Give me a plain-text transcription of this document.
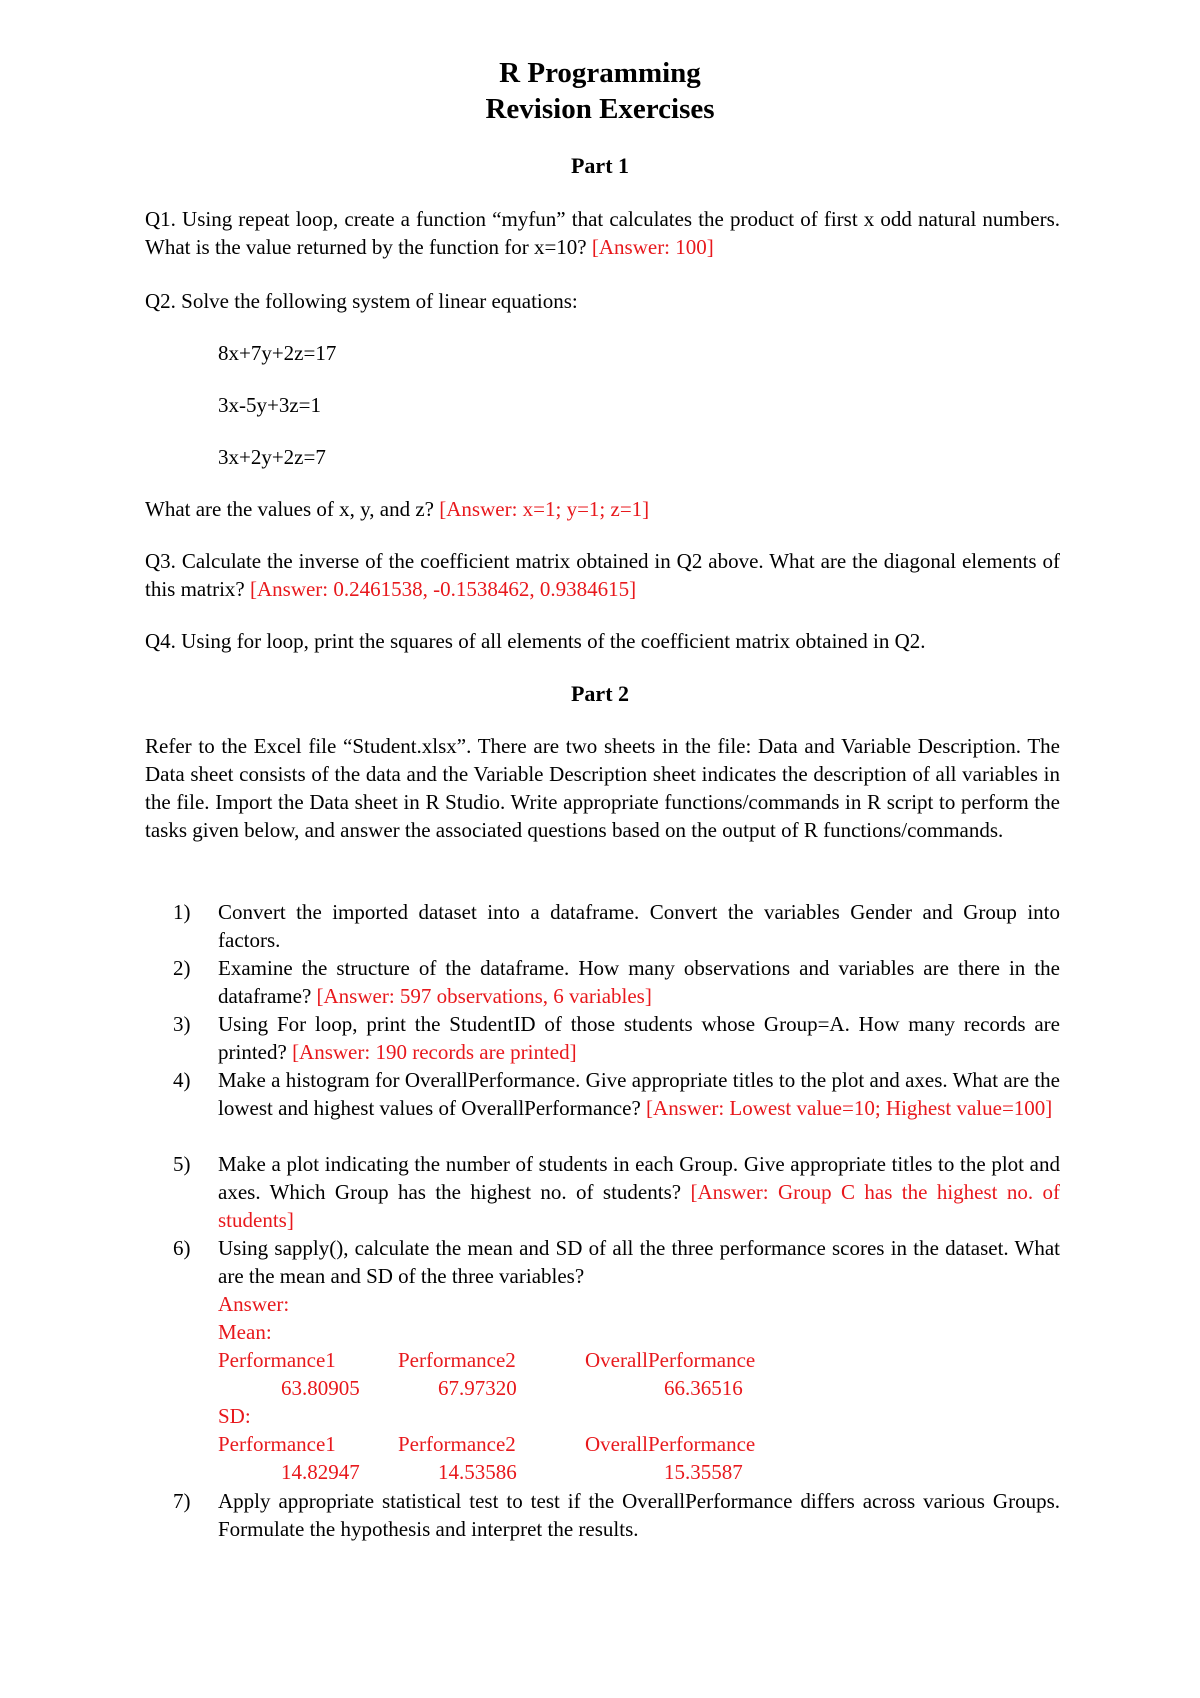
R Programming
Revision Exercises
Part 1
Q1. Using repeat loop, create a function “myfun” that calculates the product of first x odd natural numbers. What is the value returned by the function for x=10? [Answer: 100]
Q2. Solve the following system of linear equations:
8x+7y+2z=17
3x-5y+3z=1
3x+2y+2z=7
What are the values of x, y, and z? [Answer: x=1; y=1; z=1]
Q3. Calculate the inverse of the coefficient matrix obtained in Q2 above. What are the diagonal elements of this matrix? [Answer: 0.2461538, -0.1538462, 0.9384615]
Q4. Using for loop, print the squares of all elements of the coefficient matrix obtained in Q2.
Part 2
Refer to the Excel file “Student.xlsx”. There are two sheets in the file: Data and Variable Description. The Data sheet consists of the data and the Variable Description sheet indicates the description of all variables in the file. Import the Data sheet in R Studio. Write appropriate functions/commands in R script to perform the tasks given below, and answer the associated questions based on the output of R functions/commands.
1)	Convert the imported dataset into a dataframe. Convert the variables Gender and Group into factors.
2)	Examine the structure of the dataframe. How many observations and variables are there in the dataframe? [Answer: 597 observations, 6 variables]
3)	Using For loop, print the StudentID of those students whose Group=A. How many records are printed? [Answer: 190 records are printed]
4)	Make a histogram for OverallPerformance. Give appropriate titles to the plot and axes. What are the lowest and highest values of OverallPerformance? [Answer: Lowest value=10; Highest value=100]
5)	Make a plot indicating the number of students in each Group. Give appropriate titles to the plot and axes. Which Group has the highest no. of students? [Answer: Group C has the highest no. of students]
6)	Using sapply(), calculate the mean and SD of all the three performance scores in the dataset. What are the mean and SD of the three variables?
Answer:
Mean:
Performance1	Performance2	OverallPerformance
63.80905	67.97320	66.36516
SD:
Performance1	Performance2	OverallPerformance
14.82947	14.53586	15.35587
7)	Apply appropriate statistical test to test if the OverallPerformance differs across various Groups. Formulate the hypothesis and interpret the results.
